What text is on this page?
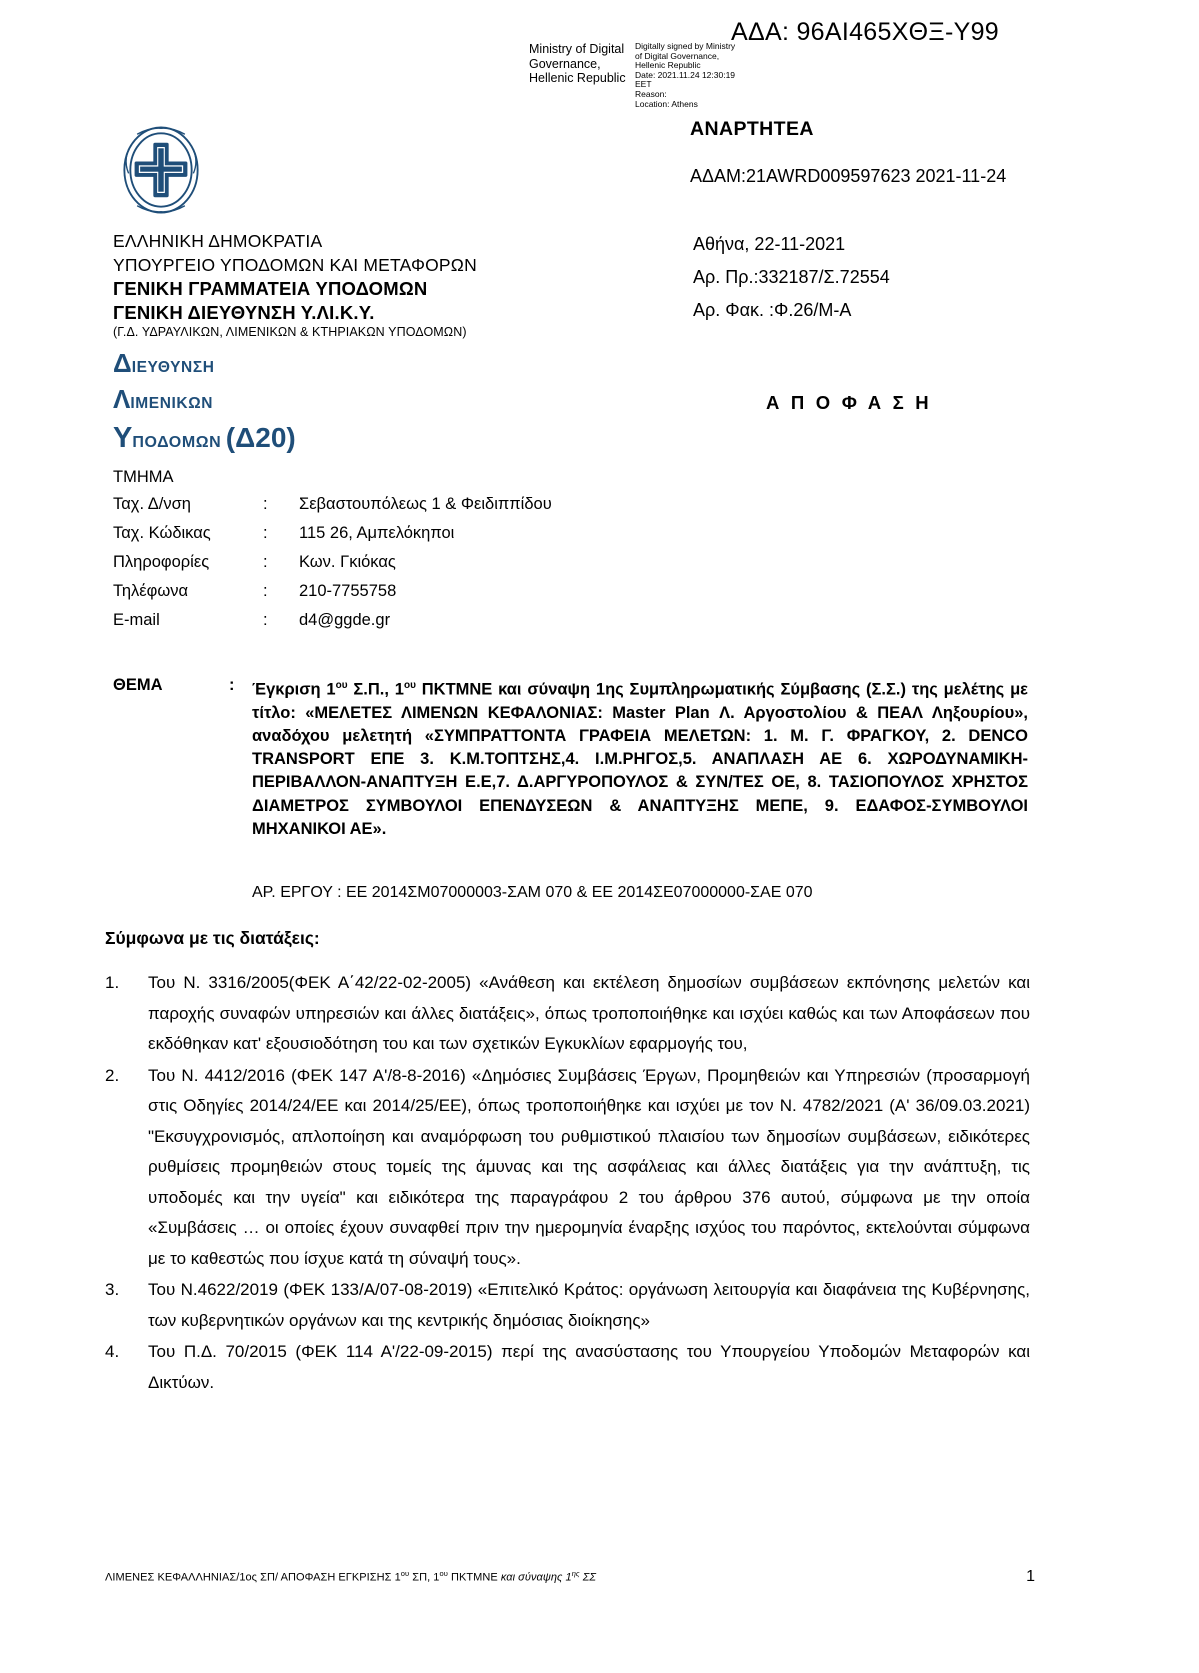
ΑΔΑ: 96ΑΙ465ΧΘΞ-Υ99
Ministry of Digital Governance, Hellenic Republic
Digitally signed by Ministry
of Digital Governance,
Hellenic Republic
Date: 2021.11.24 12:30:19
EET
Reason:
Location: Athens
ΕΛΛΗΝΙΚΗ ΔΗΜΟΚΡΑΤΙΑ
ΥΠΟΥΡΓΕΙΟ ΥΠΟΔΟΜΩΝ ΚΑΙ ΜΕΤΑΦΟΡΩΝ
ΓΕΝΙΚΗ ΓΡΑΜΜΑΤΕΙΑ ΥΠΟΔΟΜΩΝ
ΓΕΝΙΚΗ ΔΙΕΥΘΥΝΣΗ Υ.ΛΙ.Κ.Υ.
(Γ.Δ. ΥΔΡΑΥΛΙΚΩΝ, ΛΙΜΕΝΙΚΩΝ & ΚΤΗΡΙΑΚΩΝ ΥΠΟΔΟΜΩΝ)
ΔΙΕΥΘΥΝΣΗ
ΛΙΜΕΝΙΚΩΝ
ΥΠΟΔΟΜΩΝ (Δ20)
ΤΜΗΜΑ
Ταχ. Δ/νση	:	Σεβαστουπόλεως 1 & Φειδιππίδου
Ταχ. Κώδικας	:	115 26, Αμπελόκηποι
Πληροφορίες	:	Κων. Γκιόκας
Τηλέφωνα	:	210-7755758
E-mail	:	d4@ggde.gr
ΑΝΑΡΤΗΤΕΑ
ΑΔΑΜ:21AWRD009597623 2021-11-24
Αθήνα, 22-11-2021
Αρ. Πρ.:332187/Σ.72554
Αρ. Φακ. :Φ.26/Μ-Α
Α Π Ο Φ Α Σ Η
ΘΕΜΑ	:	Έγκριση $1^{o\upsilon}$ Σ.Π., $1^{o\upsilon}$ ΠΚΤΜΝΕ και σύναψη 1ης Συμπληρωματικής Σύμβασης (Σ.Σ.) της μελέτης με τίτλο: «ΜΕΛΕΤΕΣ ΛΙΜΕΝΩΝ ΚΕΦΑΛΟΝΙΑΣ: Master Plan Λ. Αργοστολίου & ΠΕΑΛ Ληξουρίου», αναδόχου μελετητή «ΣΥΜΠΡΑΤΤΟΝΤΑ ΓΡΑΦΕΙΑ ΜΕΛΕΤΩΝ: 1. Μ. Γ. ΦΡΑΓΚΟΥ, 2. DENCO TRANSPORT ΕΠΕ 3. Κ.Μ.ΤΟΠΤΣΗΣ,4. Ι.Μ.ΡΗΓΟΣ,5. ΑΝΑΠΛΑΣΗ ΑΕ 6. ΧΩΡΟΔΥΝΑΜΙΚΗ-ΠΕΡΙΒΑΛΛΟΝ-ΑΝΑΠΤΥΞΗ Ε.Ε,7. Δ.ΑΡΓΥΡΟΠΟΥΛΟΣ & ΣΥΝ/ΤΕΣ ΟΕ, 8. ΤΑΣΙΟΠΟΥΛΟΣ ΧΡΗΣΤΟΣ ΔΙΑΜΕΤΡΟΣ ΣΥΜΒΟΥΛΟΙ ΕΠΕΝΔΥΣΕΩΝ & ΑΝΑΠΤΥΞΗΣ ΜΕΠΕ, 9. ΕΔΑΦΟΣ-ΣΥΜΒΟΥΛΟΙ ΜΗΧΑΝΙΚΟΙ ΑΕ».
ΑΡ. ΕΡΓΟΥ : ΕΕ 2014ΣΜ07000003-ΣΑΜ 070 & ΕΕ 2014ΣΕ07000000-ΣΑΕ 070
Σύμφωνα με τις διατάξεις:
1.	Του Ν. 3316/2005(ΦΕΚ Α΄42/22-02-2005) «Ανάθεση και εκτέλεση δημοσίων συμβάσεων εκπόνησης μελετών και παροχής συναφών υπηρεσιών και άλλες διατάξεις», όπως τροποποιήθηκε και ισχύει καθώς και των Αποφάσεων που εκδόθηκαν κατ' εξουσιοδότηση του και των σχετικών Εγκυκλίων εφαρμογής του,
2.	Του Ν. 4412/2016 (ΦΕΚ 147 Α'/8-8-2016) «Δημόσιες Συμβάσεις Έργων, Προμηθειών και Υπηρεσιών (προσαρμογή στις Οδηγίες 2014/24/ΕΕ και 2014/25/ΕΕ), όπως τροποποιήθηκε και ισχύει με τον Ν. 4782/2021 (Α' 36/09.03.2021) "Εκσυγχρονισμός, απλοποίηση και αναμόρφωση του ρυθμιστικού πλαισίου των δημοσίων συμβάσεων, ειδικότερες ρυθμίσεις προμηθειών στους τομείς της άμυνας και της ασφάλειας και άλλες διατάξεις για την ανάπτυξη, τις υποδομές και την υγεία" και ειδικότερα της παραγράφου 2 του άρθρου 376 αυτού, σύμφωνα με την οποία «Συμβάσεις … οι οποίες έχουν συναφθεί πριν την ημερομηνία έναρξης ισχύος του παρόντος, εκτελούνται σύμφωνα με το καθεστώς που ίσχυε κατά τη σύναψή τους».
3.	Του Ν.4622/2019 (ΦΕΚ 133/Α/07-08-2019) «Επιτελικό Κράτος: οργάνωση λειτουργία και διαφάνεια της Κυβέρνησης, των κυβερνητικών οργάνων και της κεντρικής δημόσιας διοίκησης»
4.	Του Π.Δ. 70/2015 (ΦΕΚ 114 Α'/22-09-2015) περί της ανασύστασης του Υπουργείου Υποδομών Μεταφορών και Δικτύων.
ΛΙΜΕΝΕΣ ΚΕΦΑΛΛΗΝΙΑΣ/1ος ΣΠ/ ΑΠΟΦΑΣΗ ΕΓΚΡΙΣΗΣ $1^{o\upsilon}$ ΣΠ, $1^{o\upsilon}$ ΠΚΤΜΝΕ και σύναψης $1^{\eta\varsigma}$ ΣΣ	1
